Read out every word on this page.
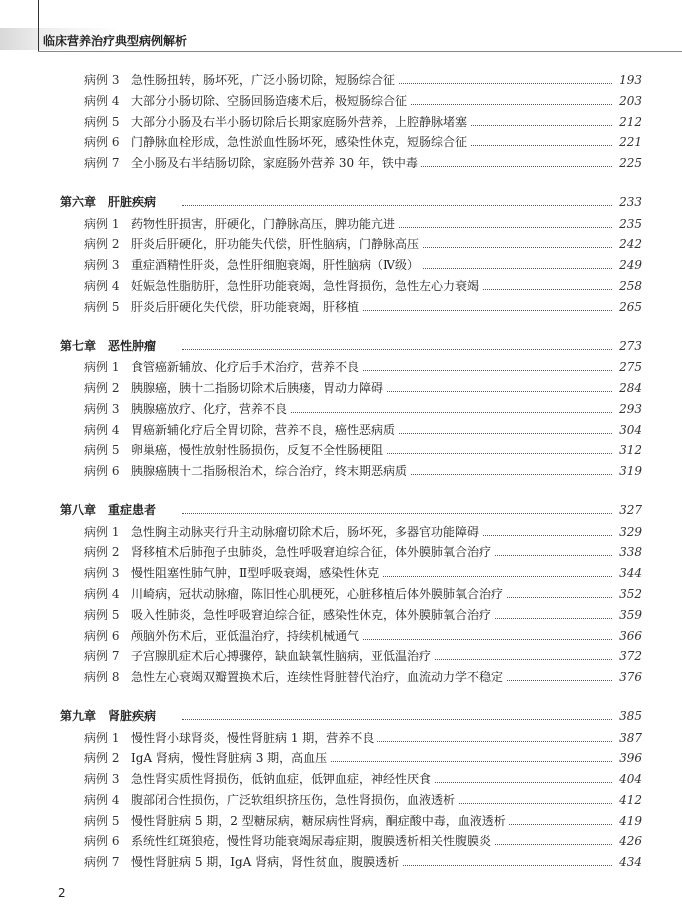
临床营养治疗典型病例解析
病例 3 急性肠扭转，肠坏死，广泛小肠切除，短肠综合征	193
病例 4 大部分小肠切除、空肠回肠造瘘术后，极短肠综合征	203
病例 5 大部分小肠及右半小肠切除后长期家庭肠外营养，上腔静脉堵塞	212
病例 6 门静脉血栓形成，急性淤血性肠坏死，感染性休克，短肠综合征	221
病例 7 全小肠及右半结肠切除，家庭肠外营养 30 年，铁中毒	225
第六章　肝脏疾病	233
病例 1 药物性肝损害，肝硬化，门静脉高压，脾功能亢进	235
病例 2 肝炎后肝硬化，肝功能失代偿，肝性脑病，门静脉高压	242
病例 3 重症酒精性肝炎，急性肝细胞衰竭，肝性脑病（Ⅳ级）	249
病例 4 妊娠急性脂肪肝，急性肝功能衰竭，急性肾损伤，急性左心力衰竭	258
病例 5 肝炎后肝硬化失代偿，肝功能衰竭，肝移植	265
第七章　恶性肿瘤	273
病例 1 食管癌新辅放、化疗后手术治疗，营养不良	275
病例 2 胰腺癌，胰十二指肠切除术后胰瘘，胃动力障碍	284
病例 3 胰腺癌放疗、化疗，营养不良	293
病例 4 胃癌新辅化疗后全胃切除，营养不良，癌性恶病质	304
病例 5 卵巢癌，慢性放射性肠损伤，反复不全性肠梗阻	312
病例 6 胰腺癌胰十二指肠根治术，综合治疗，终末期恶病质	319
第八章　重症患者	327
病例 1 急性胸主动脉夹行升主动脉瘤切除术后，肠坏死，多器官功能障碍	329
病例 2 肾移植术后肺孢子虫肺炎，急性呼吸窘迫综合征，体外膜肺氧合治疗	338
病例 3 慢性阻塞性肺气肿，Ⅱ型呼吸衰竭，感染性休克	344
病例 4 川崎病，冠状动脉瘤，陈旧性心肌梗死，心脏移植后体外膜肺氧合治疗	352
病例 5 吸入性肺炎，急性呼吸窘迫综合征，感染性休克，体外膜肺氧合治疗	359
病例 6 颅脑外伤术后，亚低温治疗，持续机械通气	366
病例 7 子宫腺肌症术后心搏骤停，缺血缺氧性脑病，亚低温治疗	372
病例 8 急性左心衰竭双瓣置换术后，连续性肾脏替代治疗，血流动力学不稳定	376
第九章　肾脏疾病	385
病例 1 慢性肾小球肾炎，慢性肾脏病 1 期，营养不良	387
病例 2 IgA 肾病，慢性肾脏病 3 期，高血压	396
病例 3 急性肾实质性肾损伤，低钠血症，低钾血症，神经性厌食	404
病例 4 腹部闭合性损伤，广泛软组织挤压伤，急性肾损伤，血液透析	412
病例 5 慢性肾脏病 5 期，2 型糖尿病，糖尿病性肾病，酮症酸中毒，血液透析	419
病例 6 系统性红斑狼疮，慢性肾功能衰竭尿毒症期，腹膜透析相关性腹膜炎	426
病例 7 慢性肾脏病 5 期，IgA 肾病，肾性贫血，腹膜透析	434
2
